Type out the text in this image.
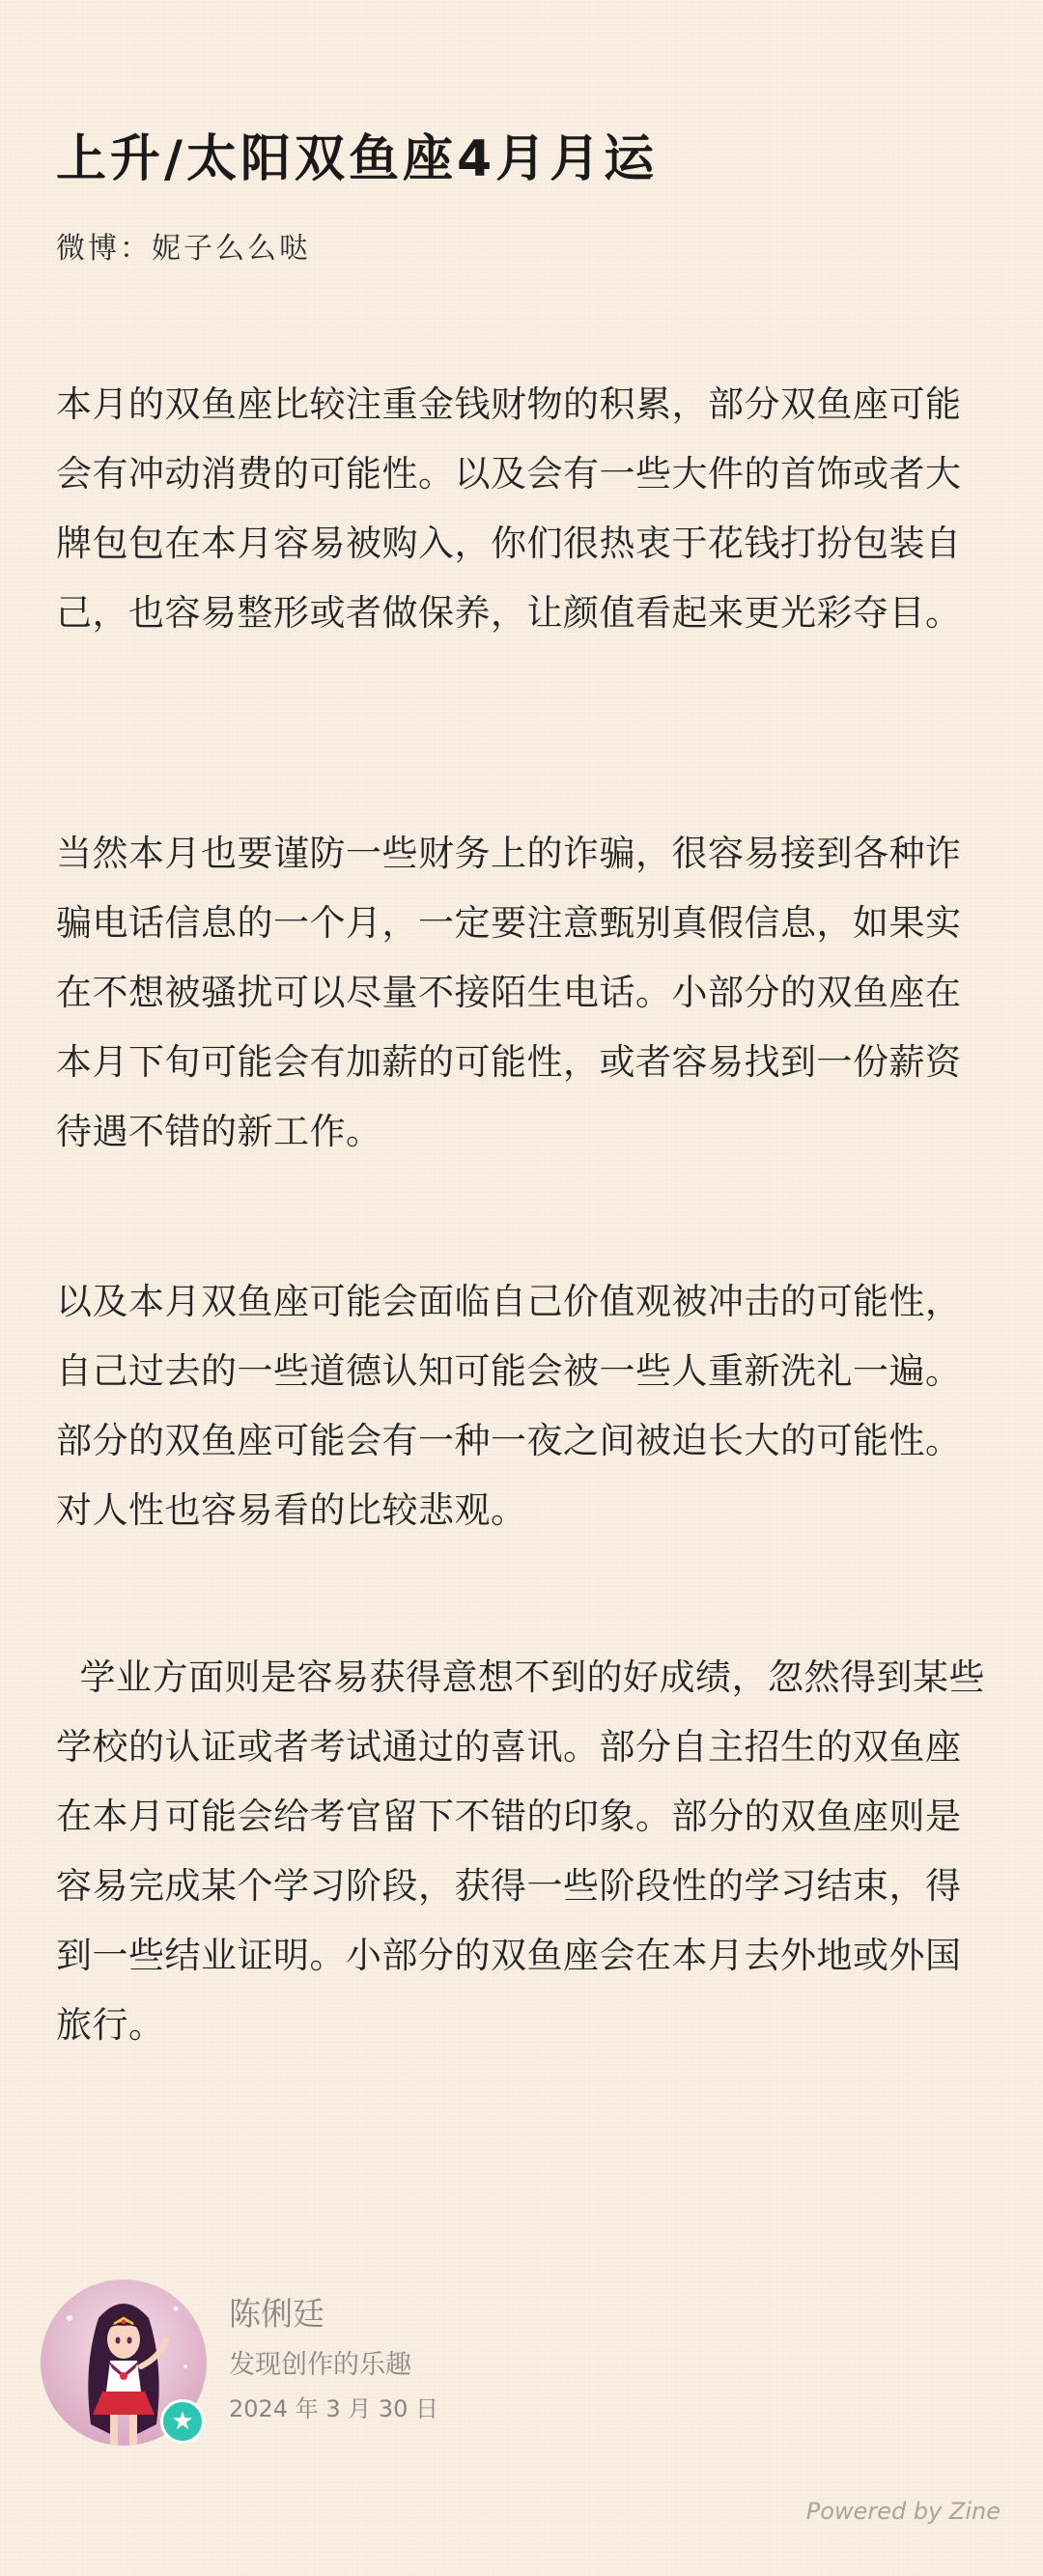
上升/太阳双鱼座4月月运
微博：妮子么么哒

本月的双鱼座比较注重金钱财物的积累，部分双鱼座可能会有冲动消费的可能性。以及会有一些大件的首饰或者大牌包包在本月容易被购入，你们很热衷于花钱打扮包装自己，也容易整形或者做保养，让颜值看起来更光彩夺目。

当然本月也要谨防一些财务上的诈骗，很容易接到各种诈骗电话信息的一个月，一定要注意甄别真假信息，如果实在不想被骚扰可以尽量不接陌生电话。小部分的双鱼座在本月下旬可能会有加薪的可能性，或者容易找到一份薪资待遇不错的新工作。

以及本月双鱼座可能会面临自己价值观被冲击的可能性，自己过去的一些道德认知可能会被一些人重新洗礼一遍。部分的双鱼座可能会有一种一夜之间被迫长大的可能性。对人性也容易看的比较悲观。

学业方面则是容易获得意想不到的好成绩，忽然得到某些学校的认证或者考试通过的喜讯。部分自主招生的双鱼座在本月可能会给考官留下不错的印象。部分的双鱼座则是容易完成某个学习阶段，获得一些阶段性的学习结束，得到一些结业证明。小部分的双鱼座会在本月去外地或外国旅行。

★
陈俐廷
发现创作的乐趣
2024 年 3 月 30 日
Powered by Zine
